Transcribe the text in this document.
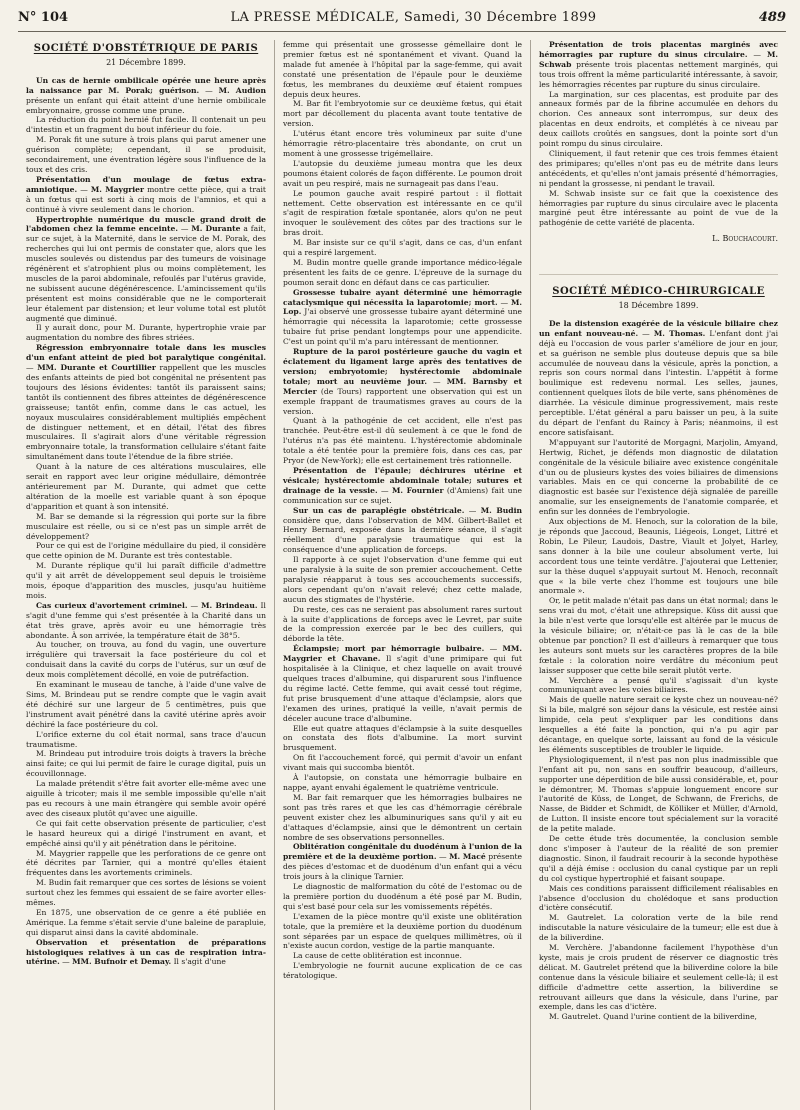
N° 104	LA PRESSE MÉDICALE, Samedi, 30 Décembre 1899	489
SOCIÉTÉ D'OBSTÉTRIQUE DE PARIS
21 Décembre 1899.

Un cas de hernie ombilicale opérée une heure après la naissance par M. Porak; guérison. — M. Audion présente un enfant qui était atteint d'une hernie ombilicale embryonnaire, grosse comme une prune.

La réduction du point hernié fut facile. Il contenait un peu d'intestin et un fragment du bout inférieur du foie.

M. Porak fit une suture à trois plans qui parut amener une guérison complète; cependant, il se produisit, secondairement, une éventration légère sous l'influence de la toux et des cris.

Présentation d'un moulage de fœtus extra-amniotique. — M. Maygrier montre cette pièce, qui a trait à un fœtus qui est sorti à cinq mois de l'amnios, et qui a continué à vivre seulement dans le chorion.

Hypertrophie numérique du muscle grand droit de l'abdomen chez la femme enceinte. — M. Durante a fait, sur ce sujet, à la Maternité, dans le service de M. Porak, des recherches qui lui ont permis de constater que, alors que les muscles soulevés ou distendus par des tumeurs de voisinage régénèrent et s'atrophient plus ou moins complètement, les muscles de la paroi abdominale, refoulés par l'utérus gravide, ne subissent aucune dégénérescence. L'amincissement qu'ils présentent est moins considérable que ne le comporterait leur étalement par distension; et leur volume total est plutôt augmenté que diminué.

Il y aurait donc, pour M. Durante, hypertrophie vraie par augmentation du nombre des fibres striées.

Régression embryonnaire totale dans les muscles d'un enfant atteint de pied bot paralytique congénital. — MM. Durante et Courtillier rappellent que les muscles des enfants atteints de pied bot congénital ne présentent pas toujours des lésions évidentes: tantôt ils paraissent sains; tantôt ils contiennent des fibres atteintes de dégénérescence graisseuse; tantôt enfin, comme dans le cas actuel, les noyaux musculaires considérablement multipliés empêchent de distinguer nettement, et en détail, l'état des fibres musculaires. Il s'agirait alors d'une véritable régression embryonnaire totale, la transformation cellulaire s'étant faite simultanément dans toute l'étendue de la fibre striée.

Quant à la nature de ces altérations musculaires, elle serait en rapport avec leur origine médullaire, démontrée antérieurement par M. Durante, qui admet que cette altération de la moelle est variable quant à son époque d'apparition et quant à son intensité.

M. Bar se demande si la régression qui porte sur la fibre musculaire est réelle, ou si ce n'est pas un simple arrêt de développement?

Pour ce qui est de l'origine médullaire du pied, il considère que cette opinion de M. Durante est très contestable.

M. Durante réplique qu'il lui paraît difficile d'admettre qu'il y ait arrêt de développement seul depuis le troisième mois, époque d'apparition des muscles, jusqu'au huitième mois.

Cas curieux d'avortement criminel. — M. Brindeau. Il s'agit d'une femme qui s'est présentée à la Charité dans un état très grave, après avoir eu une hémorragie très abondante. À son arrivée, la température était de 38°5.

Au toucher, on trouva, au fond du vagin, une ouverture irrégulière qui traversait la face postérieure du col et conduisait dans la cavité du corps de l'utérus, sur un œuf de deux mois complètement décollé, en voie de putréfaction.

En examinant le museau de tanche, à l'aide d'une valve de Sims, M. Brindeau put se rendre compte que le vagin avait été déchiré sur une largeur de 5 centimètres, puis que l'instrument avait pénétré dans la cavité utérine après avoir déchiré la face postérieure du col.

L'orifice externe du col était normal, sans trace d'aucun traumatisme.

M. Brindeau put introduire trois doigts à travers la brèche ainsi faite; ce qui lui permit de faire le curage digital, puis un écouvillonnage.

La malade prétendit s'être fait avorter elle-même avec une aiguille à tricoter; mais il me semble impossible qu'elle n'ait pas eu recours à une main étrangère qui semble avoir opéré avec des ciseaux plutôt qu'avec une aiguille.

Ce qui fait cette observation présente de particulier, c'est le hasard heureux qui a dirigé l'instrument en avant, et empêché ainsi qu'il y ait pénétration dans le péritoine.

M. Maygrier rappelle que les perforations de ce genre ont été décrites par Tarnier, qui a montré qu'elles étaient fréquentes dans les avortements criminels.

M. Budin fait remarquer que ces sortes de lésions se voient surtout chez les femmes qui essaient de se faire avorter elles-mêmes.

En 1875, une observation de ce genre a été publiée en Amérique. La femme s'était servie d'une baleine de parapluie, qui disparut ainsi dans la cavité abdominale.

Observation et présentation de préparations histologiques relatives à un cas de respiration intra-utérine. — MM. Bufnoir et Demay. Il s'agit d'une

femme qui présentait une grossesse gémellaire dont le premier fœtus est né spontanément et vivant. Quand la malade fut amenée à l'hôpital par la sage-femme, qui avait constaté une présentation de l'épaule pour le deuxième fœtus, les membranes du deuxième œuf étaient rompues depuis deux heures.

M. Bar fit l'embryotomie sur ce deuxième fœtus, qui était mort par décollement du placenta avant toute tentative de version.

L'utérus étant encore très volumineux par suite d'une hémorragie rétro-placentaire très abondante, on crut un moment à une grossesse trigémellaire.

L'autopsie du deuxième jumeau montra que les deux poumons étaient colorés de façon différente. Le poumon droit avait un peu respiré, mais ne surnageait pas dans l'eau.

Le poumon gauche avait respiré partout : il flottait nettement. Cette observation est intéressante en ce qu'il s'agit de respiration fœtale spontanée, alors qu'on ne peut invoquer le soulèvement des côtes par des tractions sur le bras droit.

M. Bar insiste sur ce qu'il s'agit, dans ce cas, d'un enfant qui a respiré largement.

M. Budin montre quelle grande importance médico-légale présentent les faits de ce genre. L'épreuve de la surnage du poumon serait donc en défaut dans ce cas particulier.

Grossesse tubaire ayant déterminé une hémorragie cataclysmique qui nécessita la laparotomie; mort. — M. Lop. J'ai observé une grossesse tubaire ayant déterminé une hémorragie qui nécessita la laparotomie; cette grossesse tubaire fut prise pendant longtemps pour une appendicite. C'est un point qu'il m'a paru intéressant de mentionner.

Rupture de la paroi postérieure gauche du vagin et éclatement du ligament large après des tentatives de version; embryotomie; hystérectomie abdominale totale; mort au neuvième jour. — MM. Barnsby et Mercier (de Tours) rapportent une observation qui est un exemple frappant de traumatismes graves au cours de la version.

Quant à la pathogénie de cet accident, elle n'est pas tranchée. Peut-être est-il dû seulement à ce que le fond de l'utérus n'a pas été maintenu. L'hystérectomie abdominale totale a été tentée pour la première fois, dans ces cas, par Pryor (de New-York); elle est certainement très rationnelle.

Présentation de l'épaule; déchirures utérine et vésicale; hystérectomie abdominale totale; sutures et drainage de la vessie. — M. Fournier (d'Amiens) fait une communication sur ce sujet.

Sur un cas de paraplégie obstétricale. — M. Budin considère que, dans l'observation de MM. Gilbert-Ballet et Henry Bernard, exposée dans la dernière séance, il s'agit réellement d'une paralysie traumatique qui est la conséquence d'une application de forceps.

Il rapporte à ce sujet l'observation d'une femme qui eut une paralysie à la suite de son premier accouchement. Cette paralysie réapparut à tous ses accouchements successifs, alors cependant qu'on n'avait relevé; chez cette malade, aucun des stigmates de l'hystérie.

Du reste, ces cas ne seraient pas absolument rares surtout à la suite d'applications de forceps avec le Levret, par suite de la compression exercée par le bec des cuillers, qui déborde la tête.

Éclampsie; mort par hémorragie bulbaire. — MM. Maygrier et Chavane. Il s'agit d'une primipare qui fut hospitalisée à la Clinique, et chez laquelle on avait trouvé quelques traces d'albumine, qui disparurent sous l'influence du régime lacté. Cette femme, qui avait cessé tout régime, fut prise brusquement d'une attaque d'éclampsie, alors que l'examen des urines, pratiqué la veille, n'avait permis de déceler aucune trace d'albumine.

Elle eut quatre attaques d'éclampsie à la suite desquelles on constata des flots d'albumine. La mort survint brusquement.

On fit l'accouchement forcé, qui permit d'avoir un enfant vivant mais qui succomba bientôt.

À l'autopsie, on constata une hémorragie bulbaire en nappe, ayant envahi également le quatrième ventricule.

M. Bar fait remarquer que les hémorragies bulbaires ne sont pas très rares et que les cas d'hémorragie cérébrale peuvent exister chez les albuminuriques sans qu'il y ait eu d'attaques d'éclampsie, ainsi que le démontrent un certain nombre de ses observations personnelles.

Oblitération congénitale du duodénum à l'union de la première et de la deuxième portion. — M. Macé présente des pièces d'estomac et de duodénum d'un enfant qui a vécu trois jours à la clinique Tarnier.

Le diagnostic de malformation du côté de l'estomac ou de la première portion du duodénum a été posé par M. Budin, qui s'est basé pour cela sur les vomissements répétés.

L'examen de la pièce montre qu'il existe une oblitération totale, que la première et la deuxième portion du duodénum sont séparées par un espace de quelques millimètres, où il n'existe aucun cordon, vestige de la partie manquante.

La cause de cette oblitération est inconnue.

L'embryologie ne fournit aucune explication de ce cas tératologique.

Présentation de trois placentas marginés avec hémorragies par rupture du sinus circulaire. — M. Schwab présente trois placentas nettement marginés, qui tous trois offrent la même particularité intéressante, à savoir, les hémorragies récentes par rupture du sinus circulaire.

La margination, sur ces placentas, est produite par des anneaux formés par de la fibrine accumulée en dehors du chorion. Ces anneaux sont interrompus, sur deux des placentas en deux endroits, et complétés à ce niveau par deux caillots croûtés en sangsues, dont la pointe sort d'un point rompu du sinus circulaire.

Cliniquement, il faut retenir que ces trois femmes étaient des primipares; qu'elles n'ont pas eu de métrite dans leurs antécédents, et qu'elles n'ont jamais présenté d'hémorragies, ni pendant la grossesse, ni pendant le travail.

M. Schwab insiste sur ce fait que la coexistence des hémorragies par rupture du sinus circulaire avec le placenta marginé peut être intéressante au point de vue de la pathogénie de cette variété de placenta.

L. Bouchacourt.
SOCIÉTÉ MÉDICO-CHIRURGICALE
18 Décembre 1899.

De la distension exagérée de la vésicule biliaire chez un enfant nouveau-né. — M. Thomas. L'enfant dont j'ai déjà eu l'occasion de vous parler s'améliore de jour en jour, et sa guérison ne semble plus douteuse depuis que sa bile accumulée de nouveau dans la vésicule, après la ponction, a repris son cours normal dans l'intestin. L'appétit à forme boulimique est redevenu normal. Les selles, jaunes, contiennent quelques îlots de bile verte, sans phénomènes de diarrhée. La vésicule diminue progressivement, mais reste perceptible. L'état général a paru baisser un peu, à la suite du départ de l'enfant du Raincy à Paris; néanmoins, il est encore satisfaisant.

M'appuyant sur l'autorité de Morgagni, Marjolin, Amyand, Hertwig, Richet, je défends mon diagnostic de dilatation congénitale de la vésicule biliaire avec existence congénitale d'un ou de plusieurs kystes des voies biliaires de dimensions variables. Mais en ce qui concerne la probabilité de ce diagnostic est basée sur l'existence déjà signalée de pareille anomalie, sur les enseignements de l'anatomie comparée, et enfin sur les données de l'embryologie.

Aux objections de M. Henoch, sur la coloration de la bile, je réponds que Jaccoud, Beaunis, Liégeois, Longet, Littré et Robin, Le Pileur, Laudois, Dastre, Viault et Jolyet, Harley, sans donner à la bile une couleur absolument verte, lui accordent tous une teinte verdâtre. J'ajouterai que Lettenier, sur la thèse duquel s'appuyait surtout M. Henoch, reconnaît que « la bile verte chez l'homme est toujours une bile anormale ».

Or, le petit malade n'était pas dans un état normal; dans le sens vrai du mot, c'était une athrepsique. Küss dit aussi que la bile n'est verte que lorsqu'elle est altérée par le mucus de la vésicule biliaire; or, n'était-ce pas là le cas de la bile obtenue par ponction? Il est d'ailleurs à remarquer que tous les auteurs sont muets sur les caractères propres de la bile fœtale : la coloration noire verdâtre du méconium peut laisser supposer que cette bile serait plutôt verte.

M. Verchère a pensé qu'il s'agissait d'un kyste communiquant avec les voies biliaires.

Mais de quelle nature serait ce kyste chez un nouveau-né? Si la bile, malgré son séjour dans la vésicule, est restée ainsi limpide, cela peut s'expliquer par les conditions dans lesquelles a été faite la ponction, qui n'a pu agir par décantage, en quelque sorte, laissant au fond de la vésicule les éléments susceptibles de troubler le liquide.

Physiologiquement, il n'est pas non plus inadmissible que l'enfant ait pu, non sans en souffrir beaucoup, d'ailleurs, supporter une déperdition de bile aussi considérable, et, pour le démontrer, M. Thomas s'appuie longuement encore sur l'autorité de Küss, de Longet, de Schwann, de Frerichs, de Nasse, de Bidder et Schmidt, de Kölliker et Müller, d'Arnold, de Lutton. Il insiste encore tout spécialement sur la voracité de la petite malade.

De cette étude très documentée, la conclusion semble donc s'imposer à l'auteur de la réalité de son premier diagnostic. Sinon, il faudrait recourir à la seconde hypothèse qu'il a déjà émise : occlusion du canal cystique par un repli du col cystique hypertrophié et faisant soupape.

Mais ces conditions paraissent difficilement réalisables en l'absence d'occlusion du cholédoque et sans production d'ictère consécutif.

M. Gautrelet. La coloration verte de la bile rend indiscutable la nature vésiculaire de la tumeur; elle est due à de la biliverdine.

M. Verchère. J'abandonne facilement l'hypothèse d'un kyste, mais je crois prudent de réserver ce diagnostic très délicat. M. Gautrelet prétend que la biliverdine colore la bile contenue dans la vésicule biliaire et seulement celle-là; il est difficile d'admettre cette assertion, la biliverdine se retrouvant ailleurs que dans la vésicule, dans l'urine, par exemple, dans les cas d'ictère.

M. Gautrelet. Quand l'urine contient de la biliverdine,
